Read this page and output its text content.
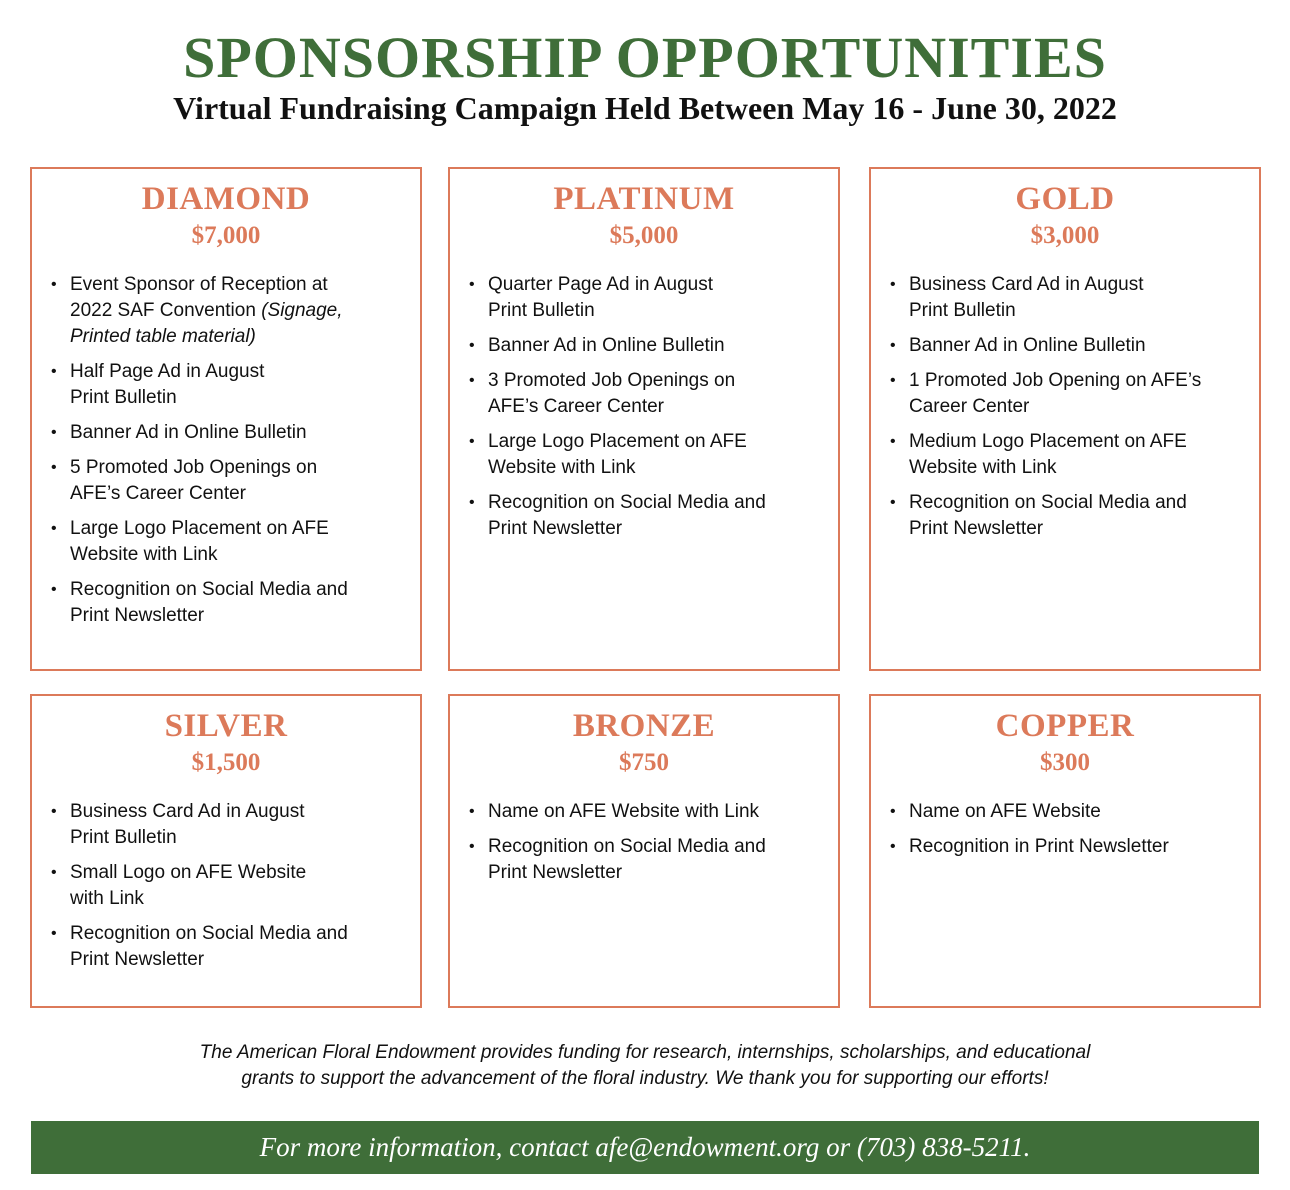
SPONSORSHIP OPPORTUNITIES
Virtual Fundraising Campaign Held Between May 16 - June 30, 2022
DIAMOND
$7,000
• Event Sponsor of Reception at
2022 SAF Convention (Signage,
Printed table material)
• Half Page Ad in August
Print Bulletin
• Banner Ad in Online Bulletin
• 5 Promoted Job Openings on
AFE’s Career Center
• Large Logo Placement on AFE
Website with Link
• Recognition on Social Media and
Print Newsletter
PLATINUM
$5,000
• Quarter Page Ad in August
Print Bulletin
• Banner Ad in Online Bulletin
• 3 Promoted Job Openings on
AFE’s Career Center
• Large Logo Placement on AFE
Website with Link
• Recognition on Social Media and
Print Newsletter
GOLD
$3,000
• Business Card Ad in August
Print Bulletin
• Banner Ad in Online Bulletin
• 1 Promoted Job Opening on AFE’s
Career Center
• Medium Logo Placement on AFE
Website with Link
• Recognition on Social Media and
Print Newsletter
SILVER
$1,500
• Business Card Ad in August
Print Bulletin
• Small Logo on AFE Website
with Link
• Recognition on Social Media and
Print Newsletter
BRONZE
$750
• Name on AFE Website with Link
• Recognition on Social Media and
Print Newsletter
COPPER
$300
• Name on AFE Website
• Recognition in Print Newsletter
The American Floral Endowment provides funding for research, internships, scholarships, and educational
grants to support the advancement of the floral industry. We thank you for supporting our efforts!
For more information, contact afe@endowment.org or (703) 838-5211.
